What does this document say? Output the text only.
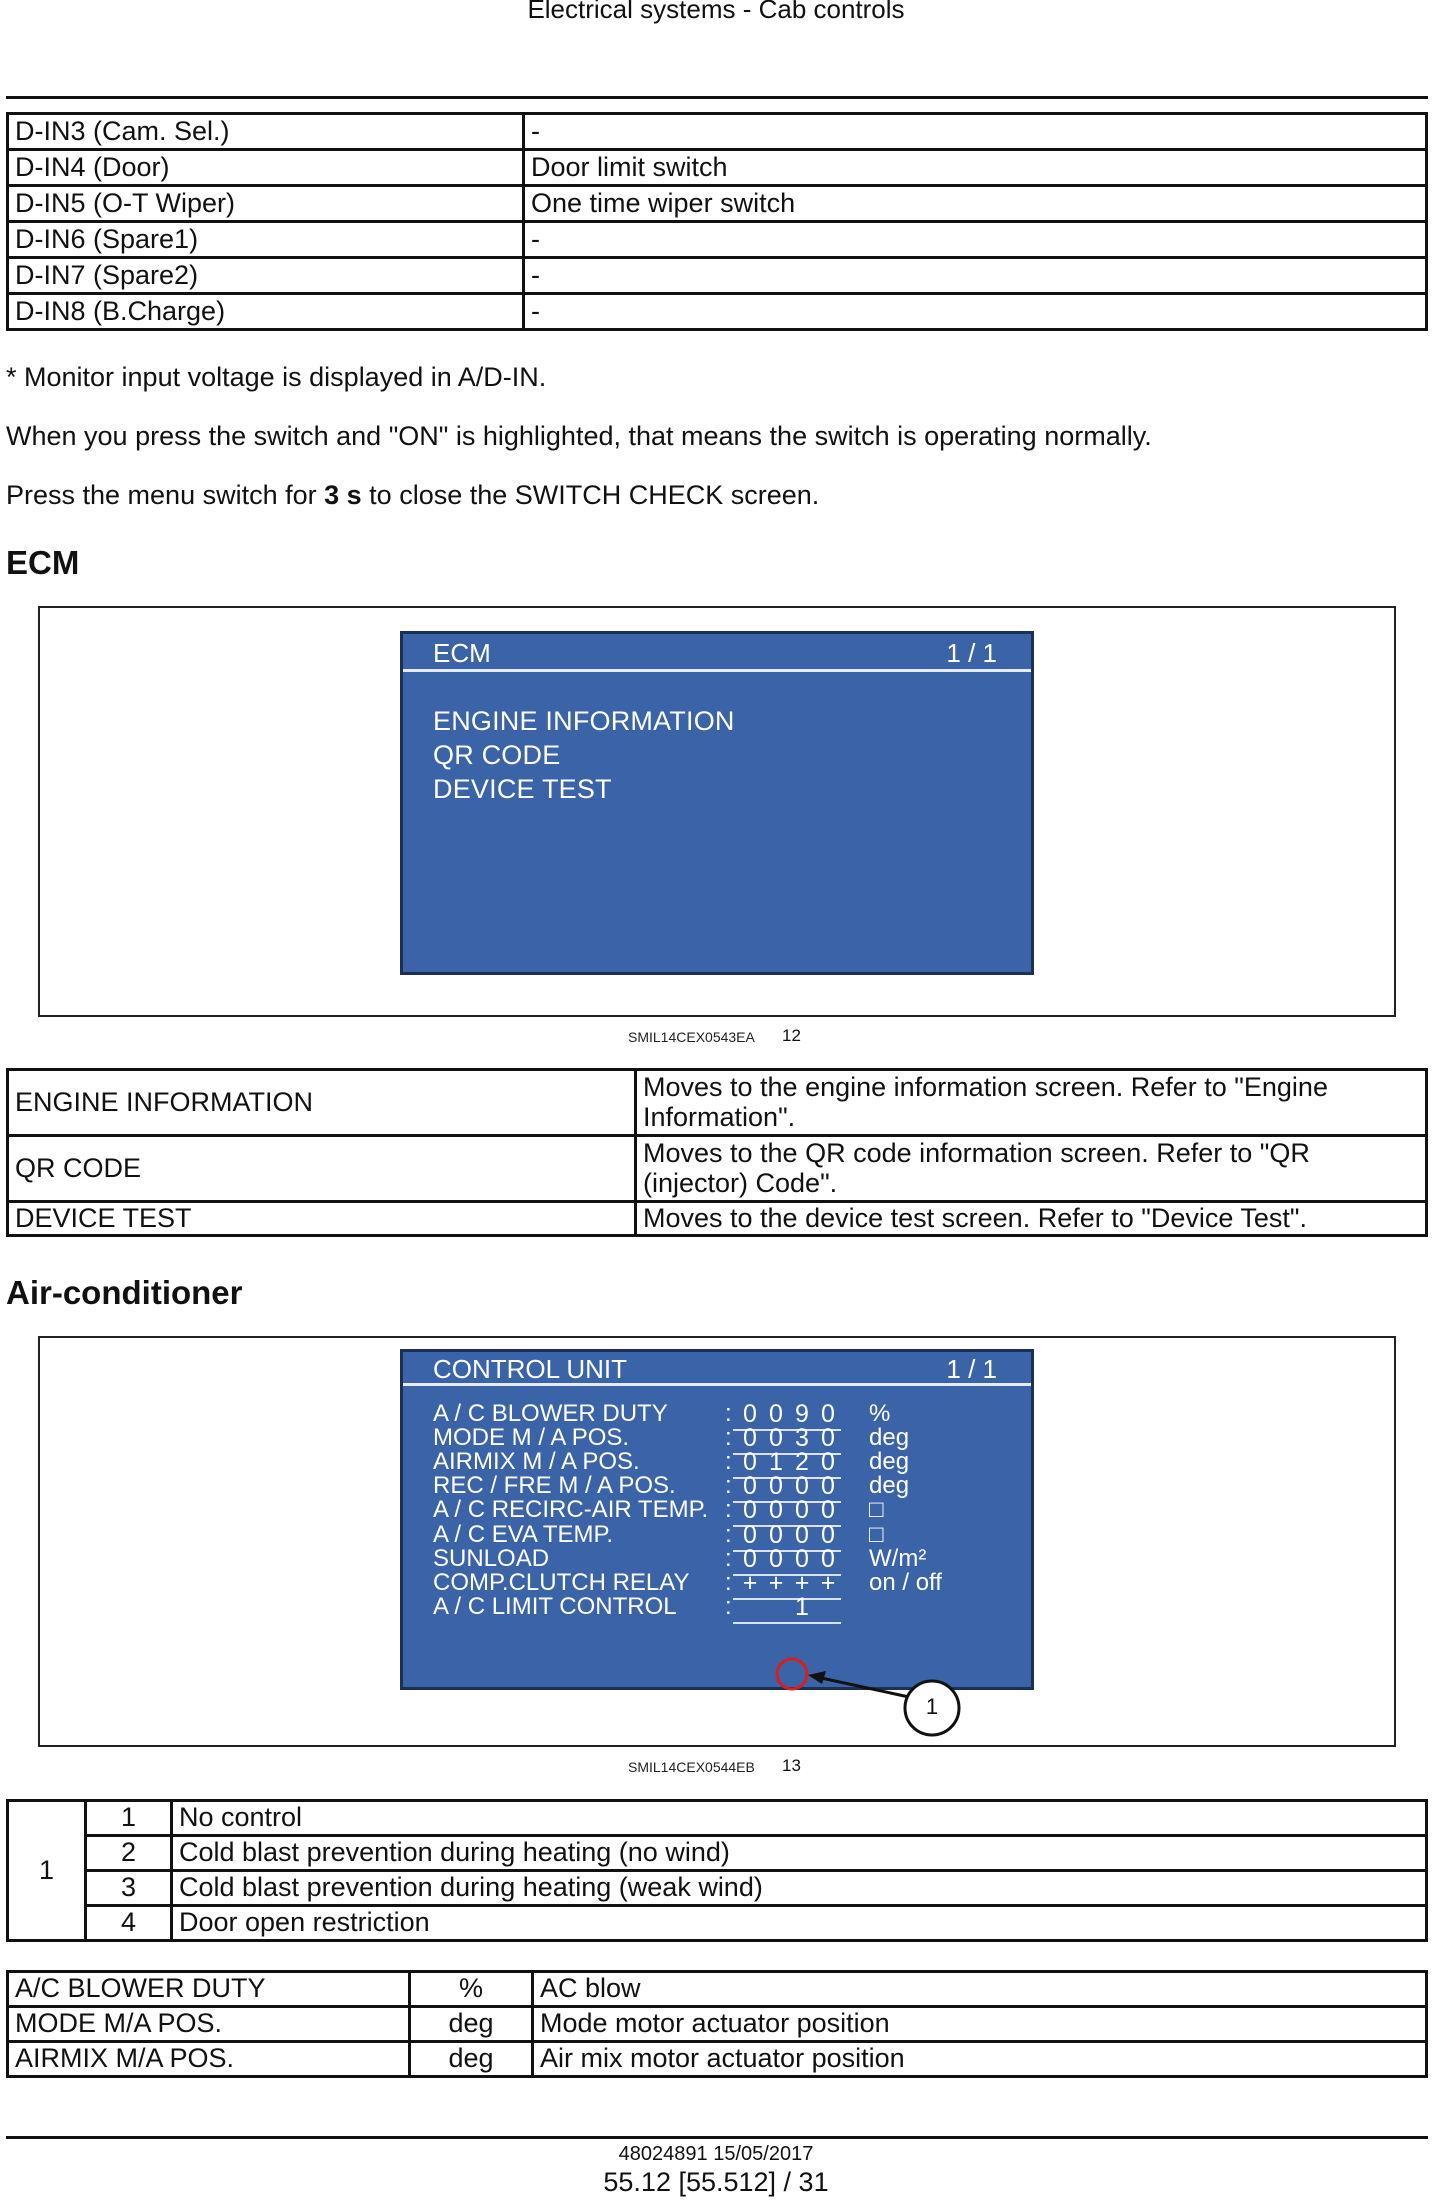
Electrical systems - Cab controls
D-IN3 (Cam. Sel.)	-
D-IN4 (Door)	Door limit switch
D-IN5 (O-T Wiper)	One time wiper switch
D-IN6 (Spare1)	-
D-IN7 (Spare2)	-
D-IN8 (B.Charge)	-
* Monitor input voltage is displayed in A/D-IN.
When you press the switch and "ON" is highlighted, that means the switch is operating normally.
Press the menu switch for 3 s to close the SWITCH CHECK screen.
ECM
ECM	1 / 1
ENGINE INFORMATION
QR CODE
DEVICE TEST
SMIL14CEX0543EA 12
ENGINE INFORMATION	Moves to the engine information screen. Refer to "Engine Information".
QR CODE	Moves to the QR code information screen. Refer to "QR (injector) Code".
DEVICE TEST	Moves to the device test screen. Refer to "Device Test".
Air-conditioner
CONTROL UNIT	1 / 1
A / C BLOWER DUTY : 0 0 9 0 %
MODE M / A POS.	: 0 0 3 0 deg
AIRMIX M / A POS.	: 0 1 2 0 deg
REC / FRE M / A POS. : 0 0 0 0 deg
A / C RECIRC-AIR TEMP. : 0 0 0 0 □
A / C EVA TEMP.	: 0 0 0 0 □
SUNLOAD	: 0 0 0 0 W/m²
COMP.CLUTCH RELAY : + + + + on / off
A / C LIMIT CONTROL :	1
1
SMIL14CEX0544EB 13
1	1	No control
	2	Cold blast prevention during heating (no wind)
	3	Cold blast prevention during heating (weak wind)
	4	Door open restriction
A/C BLOWER DUTY	%	AC blow
MODE M/A POS.	deg	Mode motor actuator position
AIRMIX M/A POS.	deg	Air mix motor actuator position
48024891 15/05/2017
55.12 [55.512] / 31
